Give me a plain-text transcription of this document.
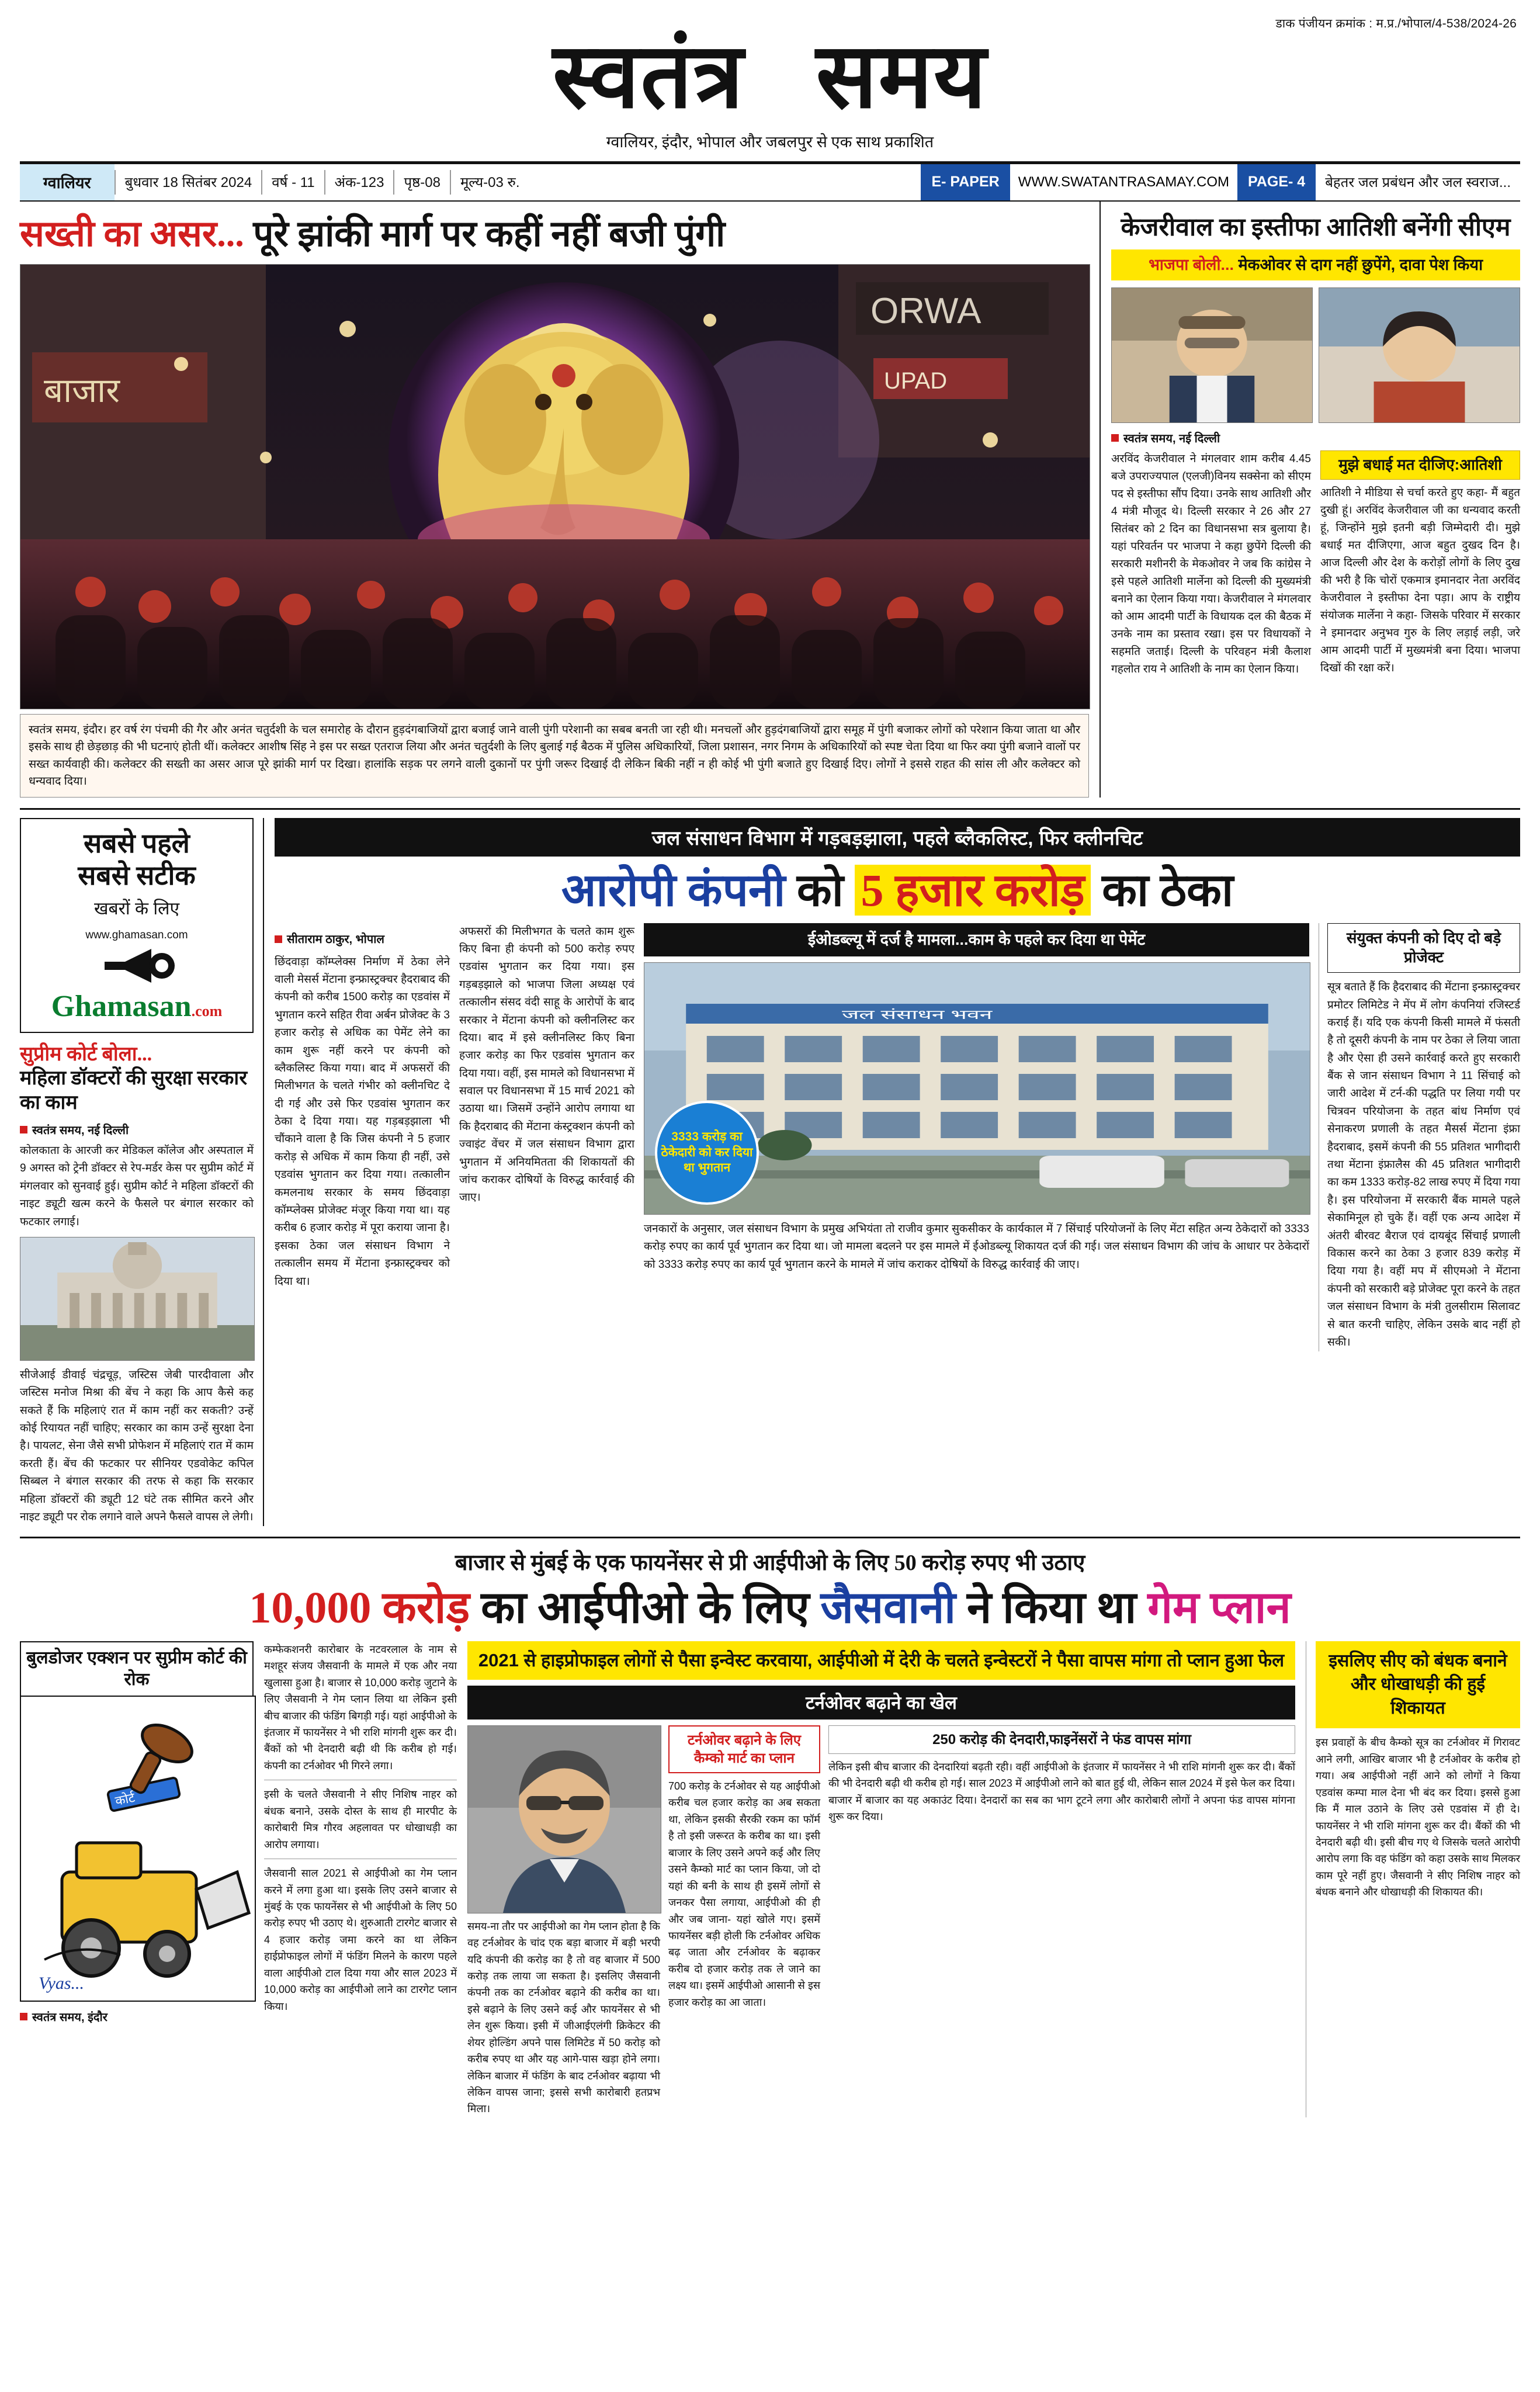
डाक पंजीयन क्रमांक : म.प्र./भोपाल/4-538/2024-26
स्वतंत्र समय
ग्वालियर, इंदौर, भोपाल और जबलपुर से एक साथ प्रकाशित
ग्वालियर	बुधवार 18 सितंबर 2024	वर्ष - 11	अंक-123	पृष्ठ-08	मूल्य-03 रु.	E- PAPER	WWW.SWATANTRASAMAY.COM	PAGE- 4	बेहतर जल प्रबंधन और जल स्वराज...
सख्ती का असर... पूरे झांकी मार्ग पर कहीं नहीं बजी पुंगी
बाजार
ORWA
UPAD
स्वतंत्र समय, इंदौर। हर वर्ष रंग पंचमी की गैर और अनंत चतुर्दशी के चल समारोह के दौरान हुड़दंगबाजियों द्वारा बजाई जाने वाली पुंगी परेशानी का सबब बनती जा रही थी। मनचलों और हुड़दंगबाजियों द्वारा समूह में पुंगी बजाकर लोगों को परेशान किया जाता था और इसके साथ ही छेड़छाड़ की भी घटनाएं होती थीं। कलेक्टर आशीष सिंह ने इस पर सख्त एतराज लिया और अनंत चतुर्दशी के लिए बुलाई गई बैठक में पुलिस अधिकारियों, जिला प्रशासन, नगर निगम के अधिकारियों को स्पष्ट चेता दिया था फिर क्या पुंगी बजाने वालों पर सख्त कार्यवाही की। कलेक्टर की सख्ती का असर आज पूरे झांकी मार्ग पर दिखा। हालांकि सड़क पर लगने वाली दुकानों पर पुंगी जरूर दिखाई दी लेकिन बिकी नहीं न ही कोई भी पुंगी बजाते हुए दिखाई दिए। लोगों ने इससे राहत की सांस ली और कलेक्टर को धन्यवाद दिया।
केजरीवाल का इस्तीफा आतिशी बनेंगी सीएम
भाजपा बोली... मेकओवर से दाग नहीं छुपेंगे, दावा पेश किया
स्वतंत्र समय, नई दिल्ली
अरविंद केजरीवाल ने मंगलवार शाम करीब 4.45 बजे उपराज्यपाल (एलजी)विनय सक्सेना को सीएम पद से इस्तीफा सौंप दिया। उनके साथ आतिशी और 4 मंत्री मौजूद थे। दिल्ली सरकार ने 26 और 27 सितंबर को 2 दिन का विधानसभा सत्र बुलाया है। यहां परिवर्तन पर भाजपा ने कहा छुपेंगे दिल्ली की सरकारी मशीनरी के मेकओवर ने जब कि कांग्रेस ने इसे पहले आतिशी मार्लेना को दिल्ली की मुख्यमंत्री बनाने का ऐलान किया गया। केजरीवाल ने मंगलवार को आम आदमी पार्टी के विधायक दल की बैठक में उनके नाम का प्रस्ताव रखा। इस पर विधायकों ने सहमति जताई। दिल्ली के परिवहन मंत्री कैलाश गहलोत राय ने आतिशी के नाम का ऐलान किया।
मुझे बधाई मत दीजिए:आतिशी
आतिशी ने मीडिया से चर्चा करते हुए कहा- मैं बहुत दुखी हूं। अरविंद केजरीवाल जी का धन्यवाद करती हूं, जिन्होंने मुझे इतनी बड़ी जिम्मेदारी दी। मुझे बधाई मत दीजिएगा, आज बहुत दुखद दिन है। आज दिल्ली और देश के करोड़ों लोगों के लिए दुख की भरी है कि चोरों एकमात्र इमानदार नेता अरविंद केजरीवाल ने इस्तीफा देना पड़ा। आप के राष्ट्रीय संयोजक मार्लेना ने कहा- जिसके परिवार में सरकार ने इमानदार अनुभव गुरु के लिए लड़ाई लड़ी, जरे आम आदमी पार्टी में मुख्यमंत्री बना दिया। भाजपा दिखों की रक्षा करें।
सबसे पहले
सबसे सटीक
खबरों के लिए
www.ghamasan.com
Ghamasan.com
सुप्रीम कोर्ट बोला...
महिला डॉक्टरों की सुरक्षा सरकार का काम
स्वतंत्र समय, नई दिल्ली
कोलकाता के आरजी कर मेडिकल कॉलेज और अस्पताल में 9 अगस्त को ट्रेनी डॉक्टर से रेप-मर्डर केस पर सुप्रीम कोर्ट में मंगलवार को सुनवाई हुई। सुप्रीम कोर्ट ने महिला डॉक्टरों की नाइट ड्यूटी खत्म करने के फैसले पर बंगाल सरकार को फटकार लगाई।
सीजेआई डीवाई चंद्रचूड़, जस्टिस जेबी पारदीवाला और जस्टिस मनोज मिश्रा की बेंच ने कहा कि आप कैसे कह सकते हैं कि महिलाएं रात में काम नहीं कर सकती? उन्हें कोई रियायत नहीं चाहिए; सरकार का काम उन्हें सुरक्षा देना है। पायलट, सेना जैसे सभी प्रोफेशन में महिलाएं रात में काम करती हैं। बेंच की फटकार पर सीनियर एडवोकेट कपिल सिब्बल ने बंगाल सरकार की तरफ से कहा कि सरकार महिला डॉक्टरों की ड्यूटी 12 घंटे तक सीमित करने और नाइट ड्यूटी पर रोक लगाने वाले अपने फैसले वापस ले लेगी।
जल संसाधन विभाग में गड़बड़झाला, पहले ब्लैकलिस्ट, फिर क्लीनचिट
आरोपी कंपनी को 5 हजार करोड़ का ठेका
सीताराम ठाकुर, भोपाल
छिंदवाड़ा कॉम्प्लेक्स निर्माण में ठेका लेने वाली मेसर्स मेंटाना इन्फ्रास्ट्रक्चर हैदराबाद की कंपनी को करीब 1500 करोड़ का एडवांस में भुगतान करने सहित रीवा अर्बन प्रोजेक्ट के 3 हजार करोड़ से अधिक का पेमेंट लेने का काम शुरू नहीं करने पर कंपनी को ब्लैकलिस्ट किया गया। बाद में अफसरों की मिलीभगत के चलते गंभीर को क्लीनचिट दे दी गई और उसे फिर एडवांस भुगतान कर ठेका दे दिया गया। यह गड़बड़झाला भी चौंकाने वाला है कि जिस कंपनी ने 5 हजार करोड़ से अधिक में काम किया ही नहीं, उसे एडवांस भुगतान कर दिया गया। तत्कालीन कमलनाथ सरकार के समय छिंदवाड़ा कॉम्प्लेक्स प्रोजेक्ट मंजूर किया गया था। यह करीब 6 हजार करोड़ में पूरा कराया जाना है। इसका ठेका जल संसाधन विभाग ने तत्कालीन समय में मेंटाना इन्फ्रास्ट्रक्चर को दिया था।
अफसरों की मिलीभगत के चलते काम शुरू किए बिना ही कंपनी को 500 करोड़ रुपए एडवांस भुगतान कर दिया गया। इस गड़बड़झाले को भाजपा जिला अध्यक्ष एवं तत्कालीन संसद वंदी साहू के आरोपों के बाद सरकार ने मेंटाना कंपनी को क्लीनलिस्ट कर दिया। बाद में इसे क्लीनलिस्ट किए बिना हजार करोड़ का फिर एडवांस भुगतान कर दिया गया। वहीं, इस मामले को विधानसभा में सवाल पर विधानसभा में 15 मार्च 2021 को उठाया था। जिसमें उन्होंने आरोप लगाया था कि हैदराबाद की मेंटाना कंस्ट्रक्शन कंपनी को ज्वाइंट वेंचर में जल संसाधन विभाग द्वारा भुगतान में अनियमितता की शिकायतों की जांच कराकर दोषियों के विरुद्ध कार्रवाई की जाए।
ईओडब्ल्यू में दर्ज है मामला...काम के पहले कर दिया था पेमेंट
जल संसाधन भवन
3333 करोड़ का ठेकेदारी को कर दिया था भुगतान
जनकारों के अनुसार, जल संसाधन विभाग के प्रमुख अभियंता तो राजीव कुमार सुकसीकर के कार्यकाल में 7 सिंचाई परियोजनों के लिए मेंटा सहित अन्य ठेकेदारों को 3333 करोड़ रुपए का कार्य पूर्व भुगतान कर दिया था। जो मामला बदलने पर इस मामले में ईओडब्ल्यू शिकायत दर्ज की गई। जल संसाधन विभाग की जांच के आधार पर ठेकेदारों को 3333 करोड़ रुपए का कार्य पूर्व भुगतान करने के मामले में जांच कराकर दोषियों के विरुद्ध कार्रवाई की जाए।
संयुक्त कंपनी को दिए दो बड़े प्रोजेक्ट
सूत्र बताते हैं कि हैदराबाद की मेंटाना इन्फ्रास्ट्रक्चर प्रमोटर लिमिटेड ने मेंप में लोग कंपनियां रजिस्टर्ड कराई हैं। यदि एक कंपनी किसी मामले में फंसती है तो दूसरी कंपनी के नाम पर ठेका ले लिया जाता है और ऐसा ही उसने कार्रवाई करते हुए सरकारी बैंक से जान संसाधन विभाग ने 11 सिंचाई को जारी आदेश में टर्न-की पद्धति पर लिया गयी पर चित्रवन परियोजना के तहत बांध निर्माण एवं सेनाकरण प्रणाली के तहत मैसर्स मेंटाना इंफ्रा हैदराबाद, इसमें कंपनी की 55 प्रतिशत भागीदारी तथा मेंटाना इंफ्रालैस की 45 प्रतिशत भागीदारी का कम 1333 करोड़-82 लाख रुपए में दिया गया है। इस परियोजना में सरकारी बैंक मामले पहले सेकामिनूल हो चुके हैं। वहीं एक अन्य आदेश में अंतरी बीरवट बैराज एवं दायबूंद सिंचाई प्रणाली विकास करने का ठेका 3 हजार 839 करोड़ में दिया गया है। वहीं मप में सीएमओ ने मेंटाना कंपनी को सरकारी बड़े प्रोजेक्ट पूरा करने के तहत जल संसाधन विभाग के मंत्री तुलसीराम सिलावट से बात करनी चाहिए, लेकिन उसके बाद नहीं हो सकी।
बाजार से मुंबई के एक फायनेंसर से प्री आईपीओ के लिए 50 करोड़ रुपए भी उठाए
10,000 करोड़ का आईपीओ के लिए जैसवानी ने किया था गेम प्लान
बुलडोजर एक्शन पर सुप्रीम कोर्ट की रोक
कोर्ट
Vyas...
स्वतंत्र समय, इंदौर
कम्फेकशनरी कारोबार के नटवरलाल के नाम से मशहूर संजय जैसवानी के मामले में एक और नया खुलासा हुआ है। बाजार से 10,000 करोड़ जुटाने के लिए जैसवानी ने गेम प्लान लिया था लेकिन इसी बीच बाजार की फंडिंग बिगड़ी गई। यहां आईपीओ के इंतजार में फायनेंसर ने भी राशि मांगनी शुरू कर दी। बैंकों को भी देनदारी बढ़ी थी कि करीब हो गई। कंपनी का टर्नओवर भी गिरने लगा।
इसी के चलते जैसवानी ने सीए निशिष नाहर को बंधक बनाने, उसके दोस्त के साथ ही मारपीट के कारोबारी मित्र गौरव अहलावत पर धोखाधड़ी का आरोप लगाया।
जैसवानी साल 2021 से आईपीओ का गेम प्लान करने में लगा हुआ था। इसके लिए उसने बाजार से मुंबई के एक फायनेंसर से भी आईपीओ के लिए 50 करोड़ रुपए भी उठाए थे। शुरुआती टारगेट बाजार से 4 हजार करोड़ जमा करने का था लेकिन हाईप्रोफाइल लोगों में फंडिंग मिलने के कारण पहले वाला आईपीओ टाल दिया गया और साल 2023 में 10,000 करोड़ का आईपीओ लाने का टारगेट प्लान किया।
2021 से हाइप्रोफाइल लोगों से पैसा इन्वेस्ट करवाया, आईपीओ में देरी के चलते इन्वेस्टरों ने पैसा वापस मांगा तो प्लान हुआ फेल
टर्नओवर बढ़ाने का खेल
समय-ना तौर पर आईपीओ का गेम प्लान होता है कि वह टर्नओवर के चांद एक बड़ा बाजार में बड़ी भरपी यदि कंपनी की करोड़ का है तो वह बाजार में 500 करोड़ तक लाया जा सकता है। इसलिए जैसवानी कंपनी तक का टर्नओवर बढ़ाने की करीब का था। इसे बढ़ाने के लिए उसने कई और फायनेंसर से भी लेन शुरू किया। इसी में जीआईएलंगी क्रिकेटर की शेयर होल्डिंग अपने पास लिमिटेड में 50 करोड़ को करीब रुपए था और यह आगे-पास खड़ा होने लगा। लेकिन बाजार में फंडिंग के बाद टर्नओवर बढ़ाया भी लेकिन वापस जाना; इससे सभी कारोबारी हतप्रभ मिला।
टर्नओवर बढ़ाने के लिए कैम्को मार्ट का प्लान
700 करोड़ के टर्नओवर से यह आईपीओ करीब चल हजार करोड़ का अब सकता था, लेकिन इसकी सैरकी रकम का फॉर्म है तो इसी जरूरत के करीब का था। इसी बाजार के लिए उसने अपने कई और लिए उसने कैम्को मार्ट का प्लान किया, जो दो यहां की बनी के साथ ही इसमें लोगों से जनकर पैसा लगाया, आईपीओ की ही और जब जाना- यहां खोले गए। इसमें फायनेंसर बड़ी होली कि टर्नओवर अधिक बढ़ जाता और टर्नओवर के बढ़ाकर करीब दो हजार करोड़ तक ले जाने का लक्ष्य था। इसमें आईपीओ आसानी से इस हजार करोड़ का आ जाता।
250 करोड़ की देनदारी,फाइनेंसरों ने फंड वापस मांगा
लेकिन इसी बीच बाजार की देनदारियां बढ़ती रही। वहीं आईपीओ के इंतजार में फायनेंसर ने भी राशि मांगनी शुरू कर दी। बैंकों की भी देनदारी बढ़ी थी करीब हो गई। साल 2023 में आईपीओ लाने को बात हुई थी, लेकिन साल 2024 में इसे फेल कर दिया। बाजार में बाजार का यह अकाउंट दिया। देनदारों का सब का भाग टूटने लगा और कारोबारी लोगों ने अपना फंड वापस मांगना शुरू कर दिया।
इसलिए सीए को बंधक बनाने और धोखाधड़ी की हुई शिकायत
इस प्रवाहों के बीच कैम्को सूत्र का टर्नओवर में गिरावट आने लगी, आखिर बाजार भी है टर्नओवर के करीब हो गया। अब आईपीओ नहीं आने को लोगों ने किया एडवांस कम्पा माल देना भी बंद कर दिया। इससे हुआ कि मैं माल उठाने के लिए उसे एडवांस में ही दे। फायनेंसर ने भी राशि मांगना शुरू कर दी। बैंकों की भी देनदारी बढ़ी थी। इसी बीच गए थे जिसके चलते आरोपी आरोप लगा कि वह फंडिंग को कहा उसके साथ मिलकर काम पूरे नहीं हुए। जैसवानी ने सीए निशिष नाहर को बंधक बनाने और धोखाधड़ी की शिकायत की।
